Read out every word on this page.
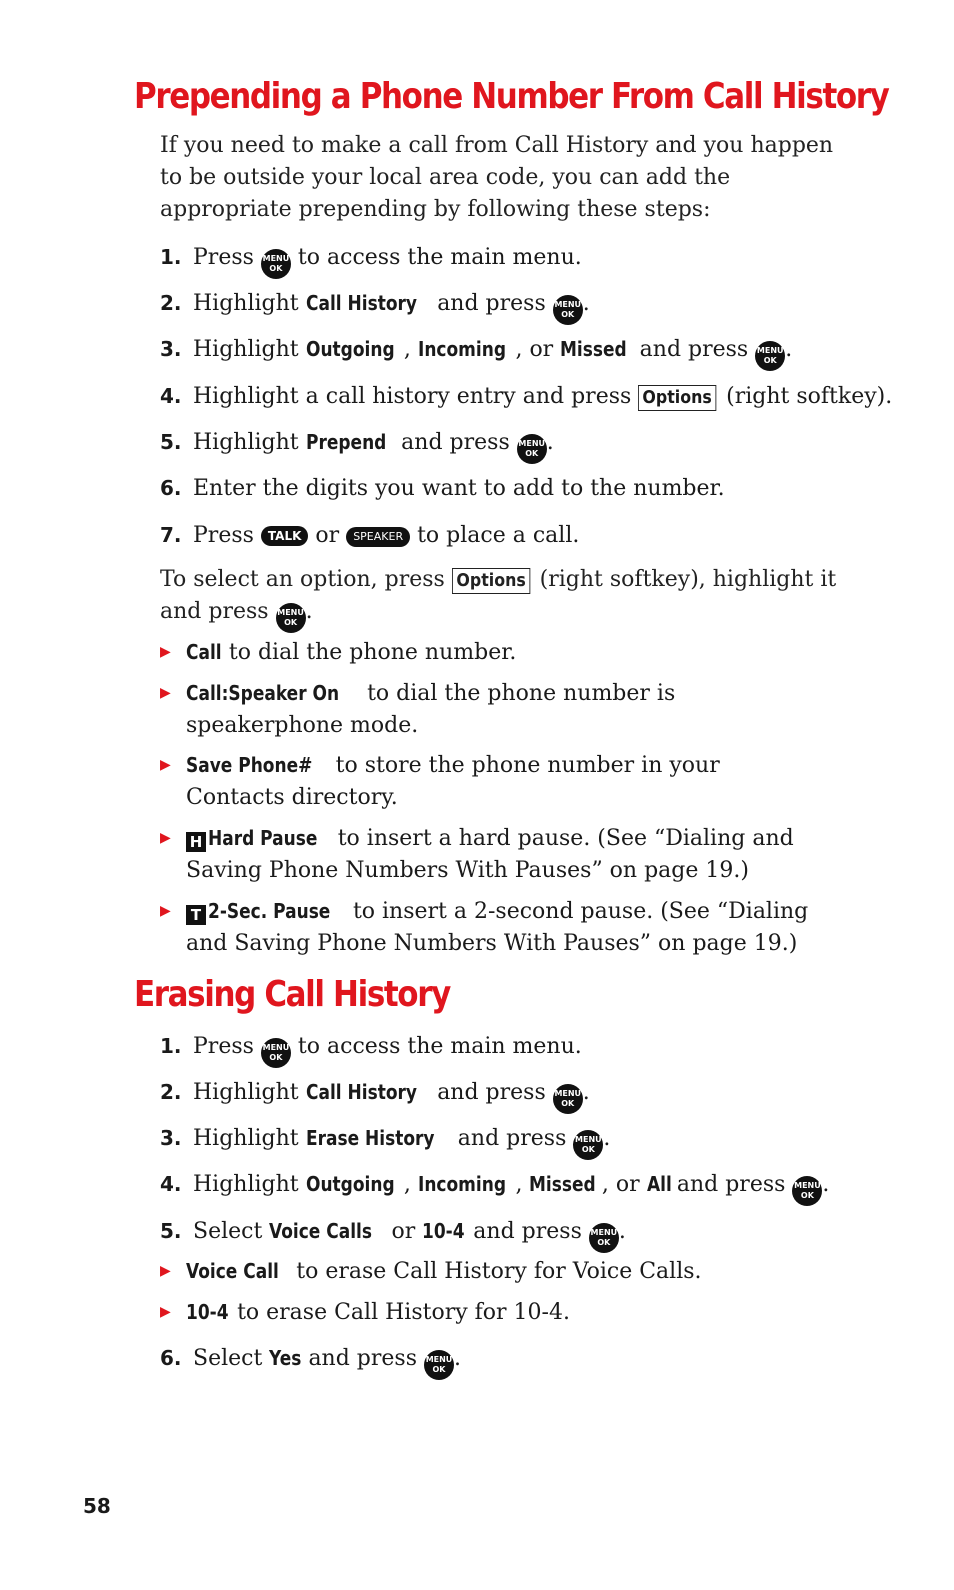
Prepending a Phone Number From Call History

If you need to make a call from Call History and you happen to be outside your local area code, you can add the appropriate prepending by following these steps:

1. Press MENU
OK to access the main menu.
2. Highlight Call History and press MENU
OK .
3. Highlight Outgoing , Incoming , or Missed and press MENU
OK .
4. Highlight a call history entry and press Options (right softkey).
5. Highlight Prepend and press MENU
OK .
6. Enter the digits you want to add to the number.
7. Press TALK or SPEAKER to place a call.

To select an option, press Options (right softkey), highlight it and press MENU
OK .

▶ Call to dial the phone number.
▶ Call:Speaker On to dial the phone number is speakerphone mode.
▶ Save Phone# to store the phone number in your Contacts directory.
▶ H Hard Pause to insert a hard pause. (See “Dialing and Saving Phone Numbers With Pauses” on page 19.)
▶	T 2-Sec. Pause to insert a 2-second pause. (See “Dialing and Saving Phone Numbers With Pauses” on page 19.)
Erasing Call History
1. Press MENU
OK to access the main menu.
2. Highlight Call History and press MENU
OK .
3. Highlight Erase History and press MENU
OK .
4. Highlight Outgoing , Incoming , Missed , or All and press MENU
OK .
5. Select Voice Calls or 10-4 and press MENU
OK .
▶ Voice Call to erase Call History for Voice Calls.
▶ 10-4 to erase Call History for 10-4.
6. Select Yes and press MENU
OK .
58
